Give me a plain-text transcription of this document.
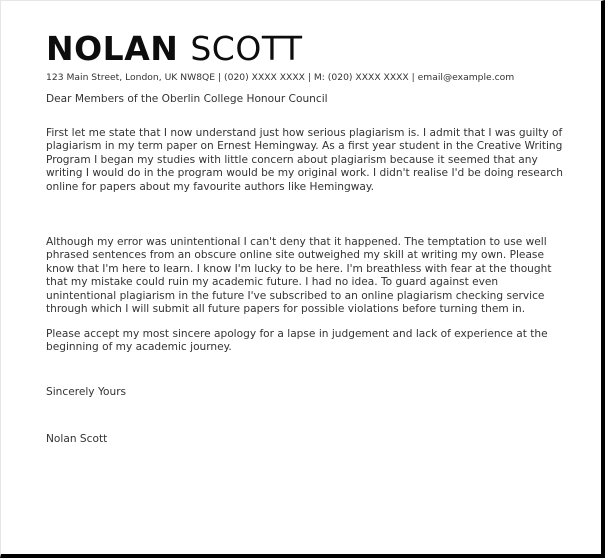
NOLAN SCOTT
123 Main Street, London, UK NW8QE | (020) XXXX XXXX | M: (020) XXXX XXXX | email@example.com

Dear Members of the Oberlin College Honour Council

First let me state that I now understand just how serious plagiarism is. I admit that I was guilty of plagiarism in my term paper on Ernest Hemingway. As a first year student in the Creative Writing Program I began my studies with little concern about plagiarism because it seemed that any writing I would do in the program would be my original work. I didn't realise I'd be doing research online for papers about my favourite authors like Hemingway.

Although my error was unintentional I can't deny that it happened. The temptation to use well phrased sentences from an obscure online site outweighed my skill at writing my own. Please know that I'm here to learn. I know I'm lucky to be here. I'm breathless with fear at the thought that my mistake could ruin my academic future. I had no idea. To guard against even unintentional plagiarism in the future I've subscribed to an online plagiarism checking service through which I will submit all future papers for possible violations before turning them in.

Please accept my most sincere apology for a lapse in judgement and lack of experience at the beginning of my academic journey.

Sincerely Yours

Nolan Scott
